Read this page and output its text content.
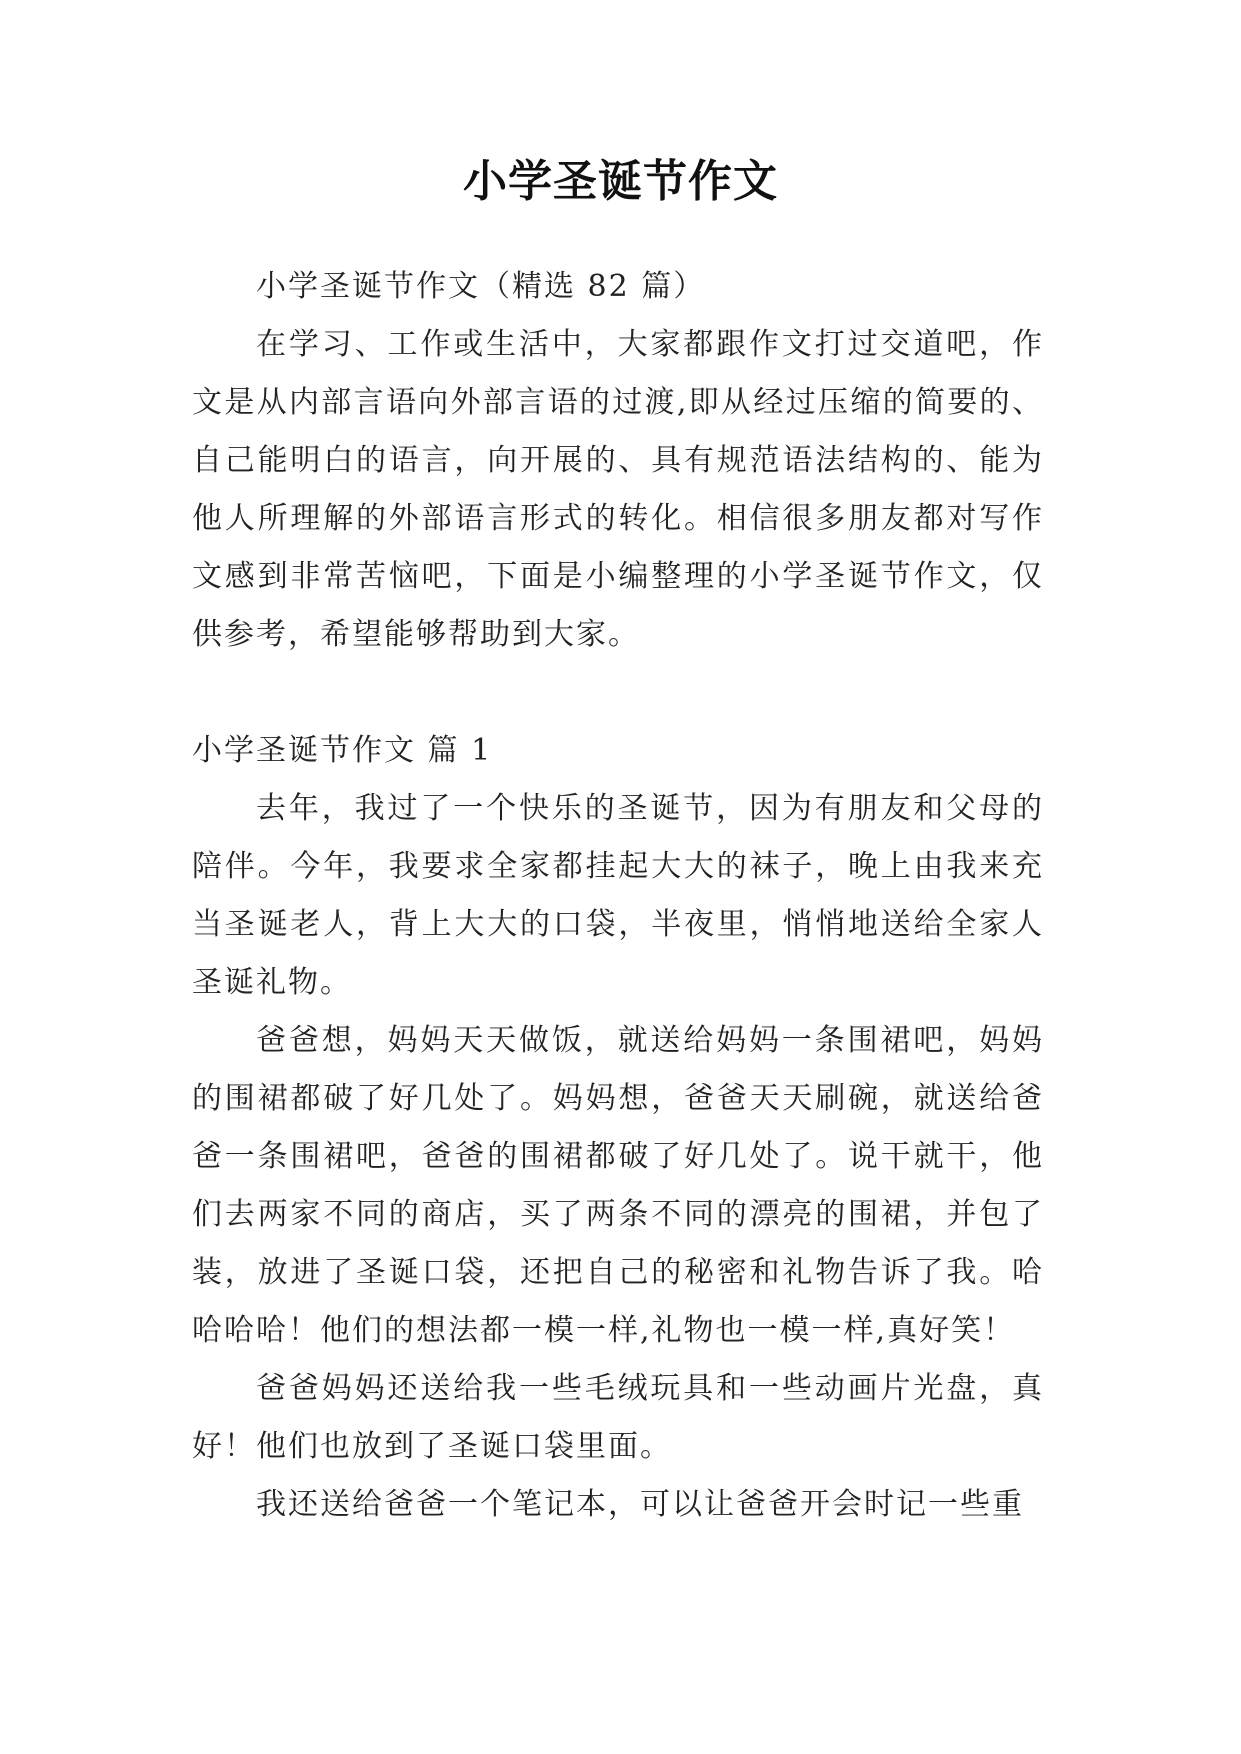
小学圣诞节作文

小学圣诞节作文（精选 82 篇）

在学习、工作或生活中，大家都跟作文打过交道吧，作文是从内部言语向外部言语的过渡,即从经过压缩的简要的、自己能明白的语言，向开展的、具有规范语法结构的、能为他人所理解的外部语言形式的转化。相信很多朋友都对写作文感到非常苦恼吧，下面是小编整理的小学圣诞节作文，仅供参考，希望能够帮助到大家。

小学圣诞节作文 篇 1

去年，我过了一个快乐的圣诞节，因为有朋友和父母的陪伴。今年，我要求全家都挂起大大的袜子，晚上由我来充当圣诞老人，背上大大的口袋，半夜里，悄悄地送给全家人圣诞礼物。

爸爸想，妈妈天天做饭，就送给妈妈一条围裙吧，妈妈的围裙都破了好几处了。妈妈想，爸爸天天刷碗，就送给爸爸一条围裙吧，爸爸的围裙都破了好几处了。说干就干，他们去两家不同的商店，买了两条不同的漂亮的围裙，并包了装，放进了圣诞口袋，还把自己的秘密和礼物告诉了我。哈哈哈哈！他们的想法都一模一样,礼物也一模一样,真好笑！

爸爸妈妈还送给我一些毛绒玩具和一些动画片光盘，真好！他们也放到了圣诞口袋里面。

我还送给爸爸一个笔记本，可以让爸爸开会时记一些重
